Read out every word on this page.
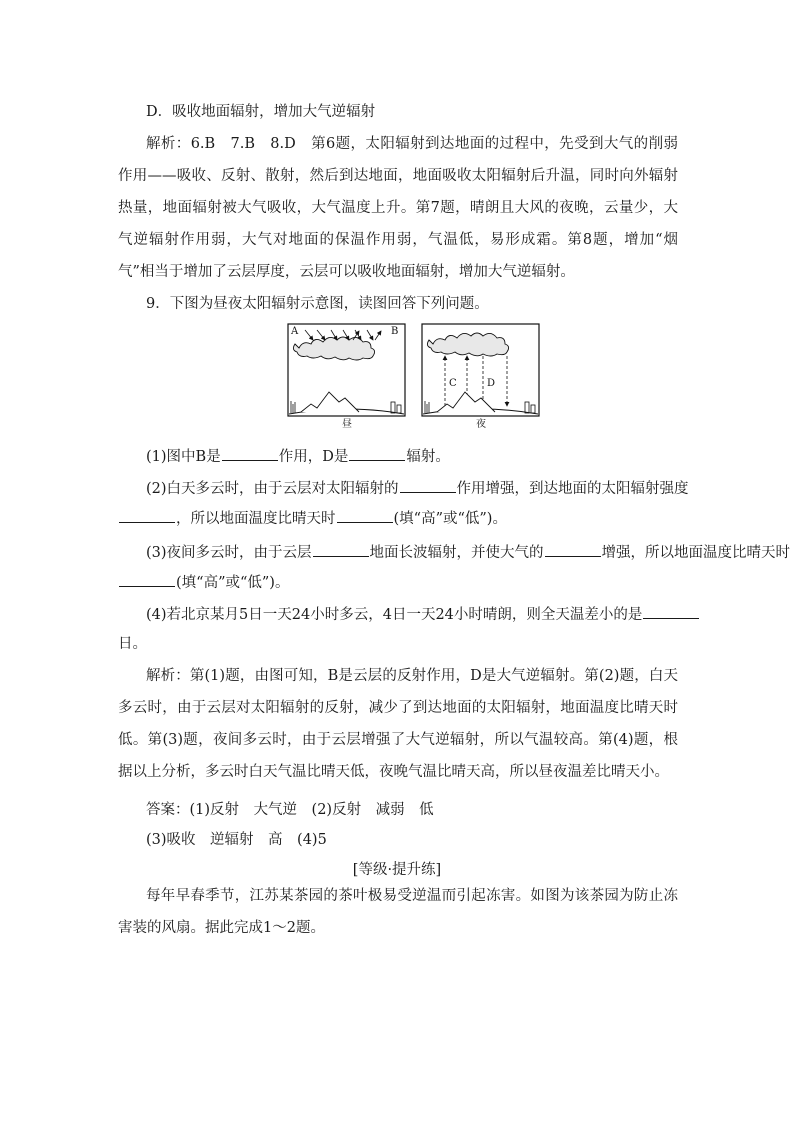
D．吸收地面辐射，增加大气逆辐射

解析：6.B　7.B　8.D　第6题，太阳辐射到达地面的过程中，先受到大气的削弱作用——吸收、反射、散射，然后到达地面，地面吸收太阳辐射后升温，同时向外辐射热量，地面辐射被大气吸收，大气温度上升。第7题，晴朗且大风的夜晚，云量少，大气逆辐射作用弱，大气对地面的保温作用弱，气温低，易形成霜。第8题，增加“烟气”相当于增加了云层厚度，云层可以吸收地面辐射，增加大气逆辐射。

9．下图为昼夜太阳辐射示意图，读图回答下列问题。

A	B
昼
C	D
夜
(1)图中B是	作用，D是	辐射。
(2)白天多云时，由于云层对太阳辐射的	作用增强，到达地面的太阳辐射强度
，所以地面温度比晴天时	(填“高”或“低”)。
(3)夜间多云时，由于云层	地面长波辐射，并使大气的	增强，所以地面温度比晴天时
(填“高”或“低”)。
(4)若北京某月5日一天24小时多云，4日一天24小时晴朗，则全天温差小的是
日。

解析：第(1)题，由图可知，B是云层的反射作用，D是大气逆辐射。第(2)题，白天多云时，由于云层对太阳辐射的反射，减少了到达地面的太阳辐射，地面温度比晴天时低。第(3)题，夜间多云时，由于云层增强了大气逆辐射，所以气温较高。第(4)题，根据以上分析，多云时白天气温比晴天低，夜晚气温比晴天高，所以昼夜温差比晴天小。

答案：(1)反射　大气逆　(2)反射　减弱　低
(3)吸收　逆辐射　高　(4)5
[等级·提升练]

每年早春季节，江苏某茶园的茶叶极易受逆温而引起冻害。如图为该茶园为防止冻害装的风扇。据此完成1～2题。
